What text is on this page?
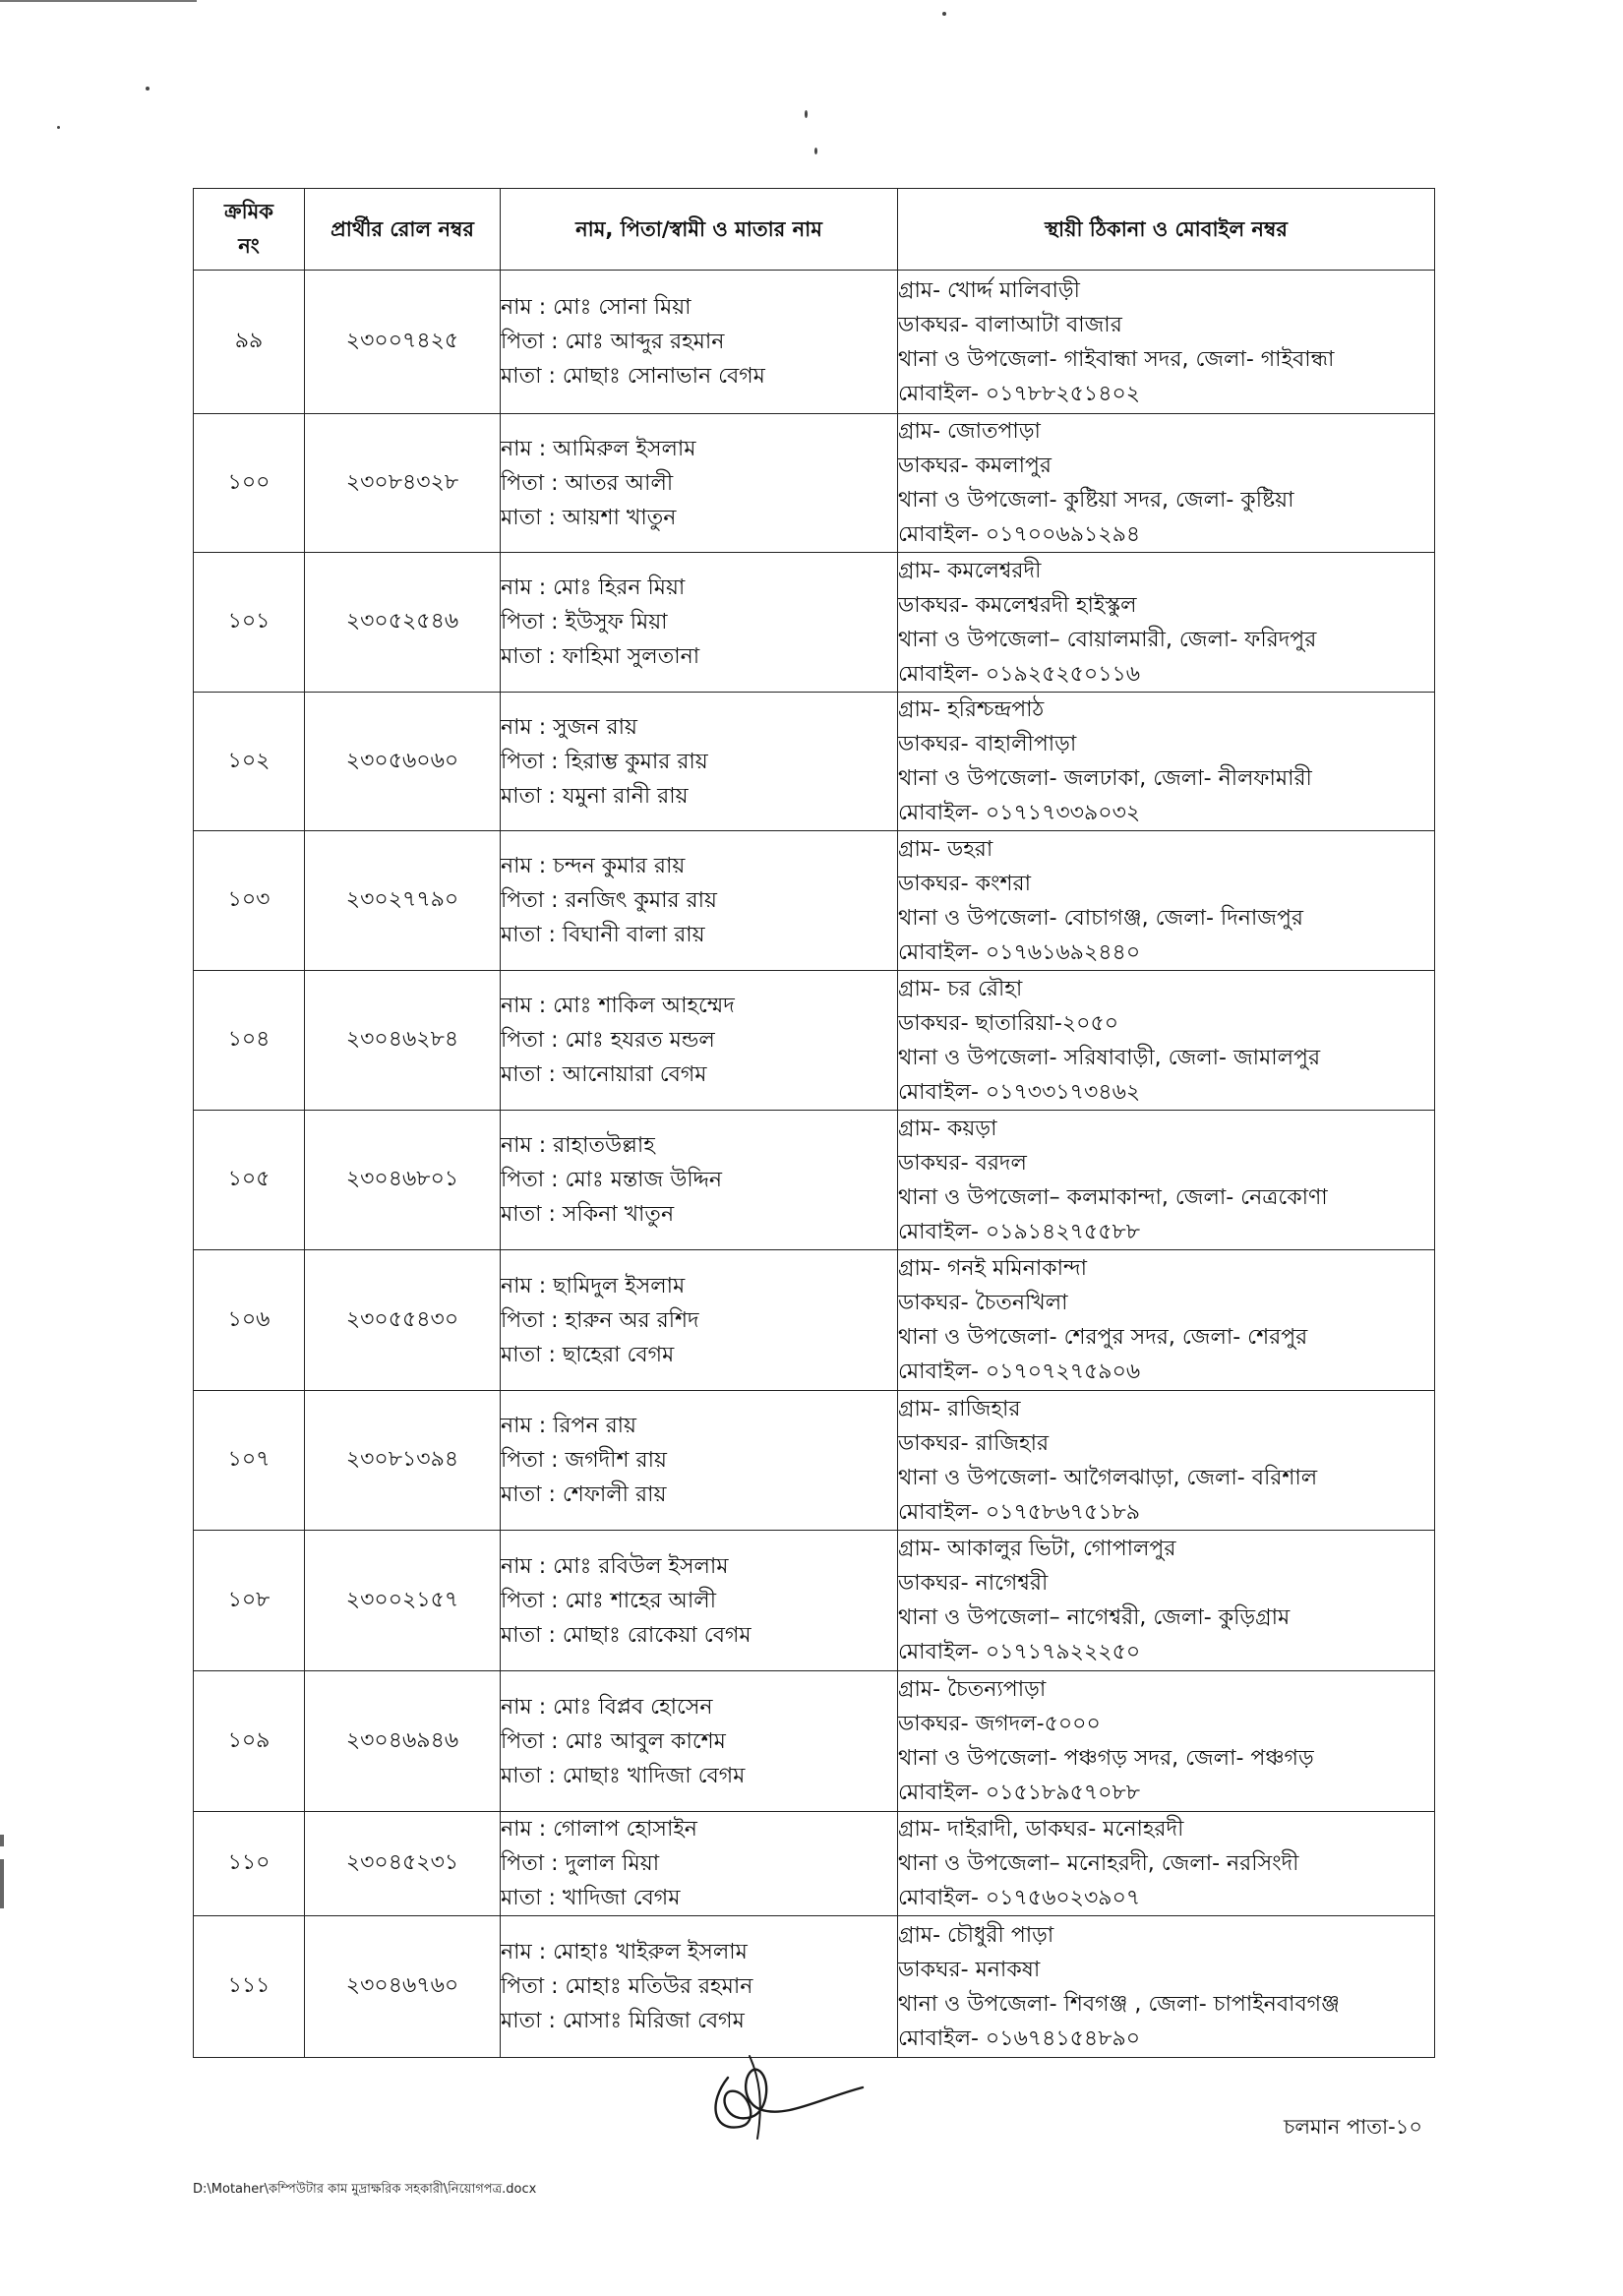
ক্রমিক
নং	প্রার্থীর রোল নম্বর	নাম, পিতা/স্বামী ও মাতার নাম	স্থায়ী ঠিকানা ও মোবাইল নম্বর
৯৯	২৩০০৭৪২৫	নাম : মোঃ সোনা মিয়া
পিতা : মোঃ আব্দুর রহমান
মাতা : মোছাঃ সোনাভান বেগম	গ্রাম- খোর্দ্দ মালিবাড়ী
ডাকঘর- বালাআটা বাজার
থানা ও উপজেলা- গাইবান্ধা সদর, জেলা- গাইবান্ধা
মোবাইল- ০১৭৮৮২৫১৪০২

১০০	২৩০৮৪৩২৮	নাম : আমিরুল ইসলাম
পিতা : আতর আলী
মাতা : আয়শা খাতুন	গ্রাম- জোতপাড়া
ডাকঘর- কমলাপুর
থানা ও উপজেলা- কুষ্টিয়া সদর, জেলা- কুষ্টিয়া
মোবাইল- ০১৭০০৬৯১২৯৪

১০১	২৩০৫২৫৪৬	নাম : মোঃ হিরন মিয়া
পিতা : ইউসুফ মিয়া
মাতা : ফাহিমা সুলতানা	গ্রাম- কমলেশ্বরদী
ডাকঘর- কমলেশ্বরদী হাইস্কুল
থানা ও উপজেলা– বোয়ালমারী, জেলা- ফরিদপুর
মোবাইল- ০১৯২৫২৫০১১৬

১০২	২৩০৫৬০৬০	নাম : সুজন রায়
পিতা : হিরাম্ভ কুমার রায়
মাতা : যমুনা রানী রায়	গ্রাম- হরিশ্চন্দ্রপাঠ
ডাকঘর- বাহালীপাড়া
থানা ও উপজেলা- জলঢাকা, জেলা- নীলফামারী
মোবাইল- ০১৭১৭৩৩৯০৩২

১০৩	২৩০২৭৭৯০	নাম : চন্দন কুমার রায়
পিতা : রনজিৎ কুমার রায়
মাতা : বিঘানী বালা রায়	গ্রাম- ডহরা
ডাকঘর- কংশরা
থানা ও উপজেলা- বোচাগঞ্জ, জেলা- দিনাজপুর
মোবাইল- ০১৭৬১৬৯২৪৪০

১০৪	২৩০৪৬২৮৪	নাম : মোঃ শাকিল আহম্মেদ
পিতা : মোঃ হযরত মন্ডল
মাতা : আনোয়ারা বেগম	গ্রাম- চর রৌহা
ডাকঘর- ছাতারিয়া-২০৫০
থানা ও উপজেলা- সরিষাবাড়ী, জেলা- জামালপুর
মোবাইল- ০১৭৩৩১৭৩৪৬২

১০৫	২৩০৪৬৮০১	নাম : রাহাতউল্লাহ
পিতা : মোঃ মন্তাজ উদ্দিন
মাতা : সকিনা খাতুন	গ্রাম- কয়ড়া
ডাকঘর- বরদল
থানা ও উপজেলা– কলমাকান্দা, জেলা- নেত্রকোণা
মোবাইল- ০১৯১৪২৭৫৫৮৮

১০৬	২৩০৫৫৪৩০	নাম : ছামিদুল ইসলাম
পিতা : হারুন অর রশিদ
মাতা : ছাহেরা বেগম	গ্রাম- গনই মমিনাকান্দা
ডাকঘর- চৈতনখিলা
থানা ও উপজেলা- শেরপুর সদর, জেলা- শেরপুর
মোবাইল- ০১৭০৭২৭৫৯০৬

১০৭	২৩০৮১৩৯৪	নাম : রিপন রায়
পিতা : জগদীশ রায়
মাতা : শেফালী রায়	গ্রাম- রাজিহার
ডাকঘর- রাজিহার
থানা ও উপজেলা- আগৈলঝাড়া, জেলা- বরিশাল
মোবাইল- ০১৭৫৮৬৭৫১৮৯

১০৮	২৩০০২১৫৭	নাম : মোঃ রবিউল ইসলাম
পিতা : মোঃ শাহের আলী
মাতা : মোছাঃ রোকেয়া বেগম	গ্রাম- আকালুর ভিটা, গোপালপুর
ডাকঘর- নাগেশ্বরী
থানা ও উপজেলা– নাগেশ্বরী, জেলা- কুড়িগ্রাম
মোবাইল- ০১৭১৭৯২২২৫০

১০৯	২৩০৪৬৯৪৬	নাম : মোঃ বিপ্লব হোসেন
পিতা : মোঃ আবুল কাশেম
মাতা : মোছাঃ খাদিজা বেগম	গ্রাম- চৈতন্যপাড়া
ডাকঘর- জগদল-৫০০০
থানা ও উপজেলা- পঞ্চগড় সদর, জেলা- পঞ্চগড়
মোবাইল- ০১৫১৮৯৫৭০৮৮

১১০	২৩০৪৫২৩১	নাম : গোলাপ হোসাইন
পিতা : দুলাল মিয়া
মাতা : খাদিজা বেগম	গ্রাম- দাইরাদী, ডাকঘর- মনোহরদী
থানা ও উপজেলা– মনোহরদী, জেলা- নরসিংদী
মোবাইল- ০১৭৫৬০২৩৯০৭

১১১	২৩০৪৬৭৬০	নাম : মোহাঃ খাইরুল ইসলাম
পিতা : মোহাঃ মতিউর রহমান
মাতা : মোসাঃ মিরিজা বেগম	গ্রাম- চৌধুরী পাড়া
ডাকঘর- মনাকষা
থানা ও উপজেলা- শিবগঞ্জ , জেলা- চাপাইনবাবগঞ্জ
মোবাইল- ০১৬৭৪১৫৪৮৯০
চলমান পাতা-১০
D:\Motaher\কম্পিউটার কাম মুদ্রাক্ষরিক সহকারী\নিয়োগপত্র.docx
